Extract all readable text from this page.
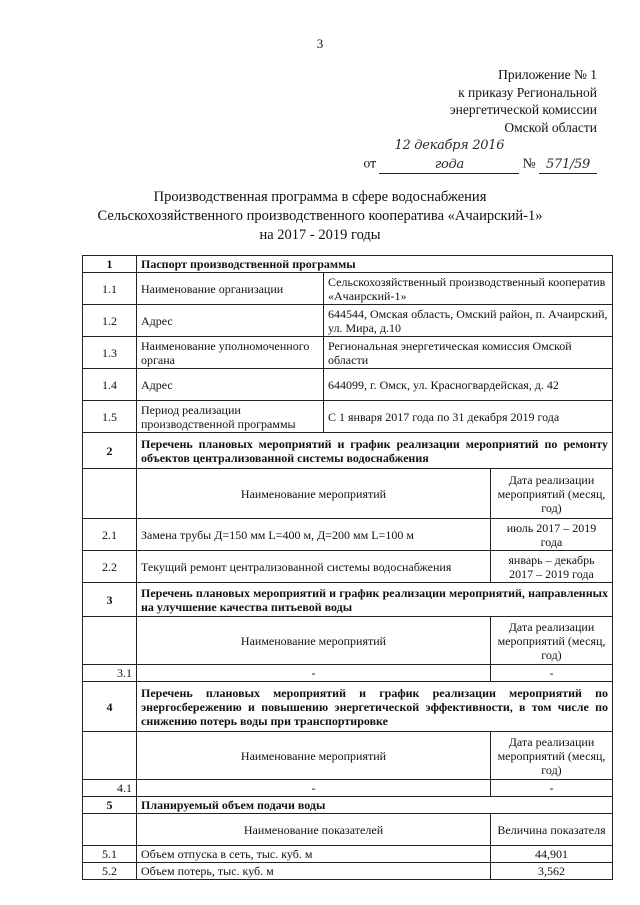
3
Приложение № 1
к приказу Региональной
энергетической комиссии
Омской области
от 12 декабря 2016 года	№ 571/59
Производственная программа в сфере водоснабжения
Сельскохозяйственного производственного кооператива «Ачаирский-1»
на 2017 - 2019 годы
1	Паспорт производственной программы		
1.1	Наименование организации	Сельскохозяйственный производственный кооператив «Ачаирский-1»	
1.2	Адрес	644544, Омская область, Омский район, п. Ачаирский, ул. Мира, д.10	
1.3	Наименование уполномоченного органа	Региональная энергетическая комиссия Омской области	
1.4	Адрес	644099, г. Омск, ул. Красногвардейская, д. 42	
1.5	Период реализации производственной программы	С 1 января 2017 года по 31 декабря 2019 года	
2	Перечень плановых мероприятий и график реализации мероприятий по ремонту объектов централизованной системы водоснабжения		
	Наименование мероприятий		Дата реализации мероприятий (месяц, год)
2.1	Замена трубы Д=150 мм L=400 м, Д=200 мм L=100 м		июль 2017 – 2019 года
2.2	Текущий ремонт централизованной системы водоснабжения		январь – декабрь 2017 – 2019 года
3	Перечень плановых мероприятий и график реализации мероприятий, направленных на улучшение качества питьевой воды		
	Наименование мероприятий		Дата реализации мероприятий (месяц, год)
3.1	-		-
4	Перечень плановых мероприятий и график реализации мероприятий по энергосбережению и повышению энергетической эффективности, в том числе по снижению потерь воды при транспортировке		
	Наименование мероприятий		Дата реализации мероприятий (месяц, год)
4.1	-		-
5	Планируемый объем подачи воды		
	Наименование показателей		Величина показателя
5.1	Объем отпуска в сеть, тыс. куб. м		44,901
5.2	Объем потерь, тыс. куб. м		3,562
